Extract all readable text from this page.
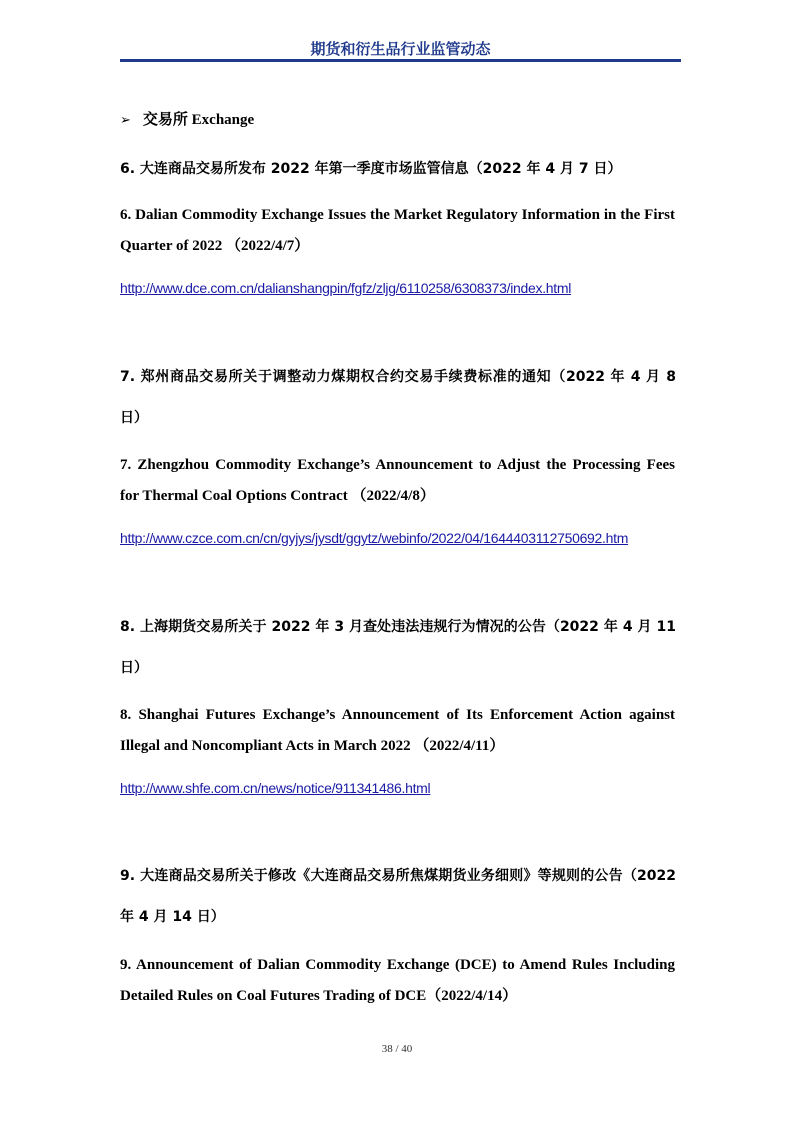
期货和衍生品行业监管动态
➢ 交易所 Exchange
6. 大连商品交易所发布 2022 年第一季度市场监管信息（2022 年 4 月 7 日）
6. Dalian Commodity Exchange Issues the Market Regulatory Information in the First Quarter of 2022 （2022/4/7）
http://www.dce.com.cn/dalianshangpin/fgfz/zljg/6110258/6308373/index.html
7. 郑州商品交易所关于调整动力煤期权合约交易手续费标准的通知（2022 年 4 月 8 日）
7. Zhengzhou Commodity Exchange’s Announcement to Adjust the Processing Fees for Thermal Coal Options Contract （2022/4/8）
http://www.czce.com.cn/cn/gyjys/jysdt/ggytz/webinfo/2022/04/1644403112750692.htm
8. 上海期货交易所关于 2022 年 3 月查处违法违规行为情况的公告（2022 年 4 月 11 日）
8. Shanghai Futures Exchange’s Announcement of Its Enforcement Action against Illegal and Noncompliant Acts in March 2022 （2022/4/11）
http://www.shfe.com.cn/news/notice/911341486.html
9. 大连商品交易所关于修改《大连商品交易所焦煤期货业务细则》等规则的公告（2022 年 4 月 14 日）
9. Announcement of Dalian Commodity Exchange (DCE) to Amend Rules Including Detailed Rules on Coal Futures Trading of DCE（2022/4/14）
38 / 40
